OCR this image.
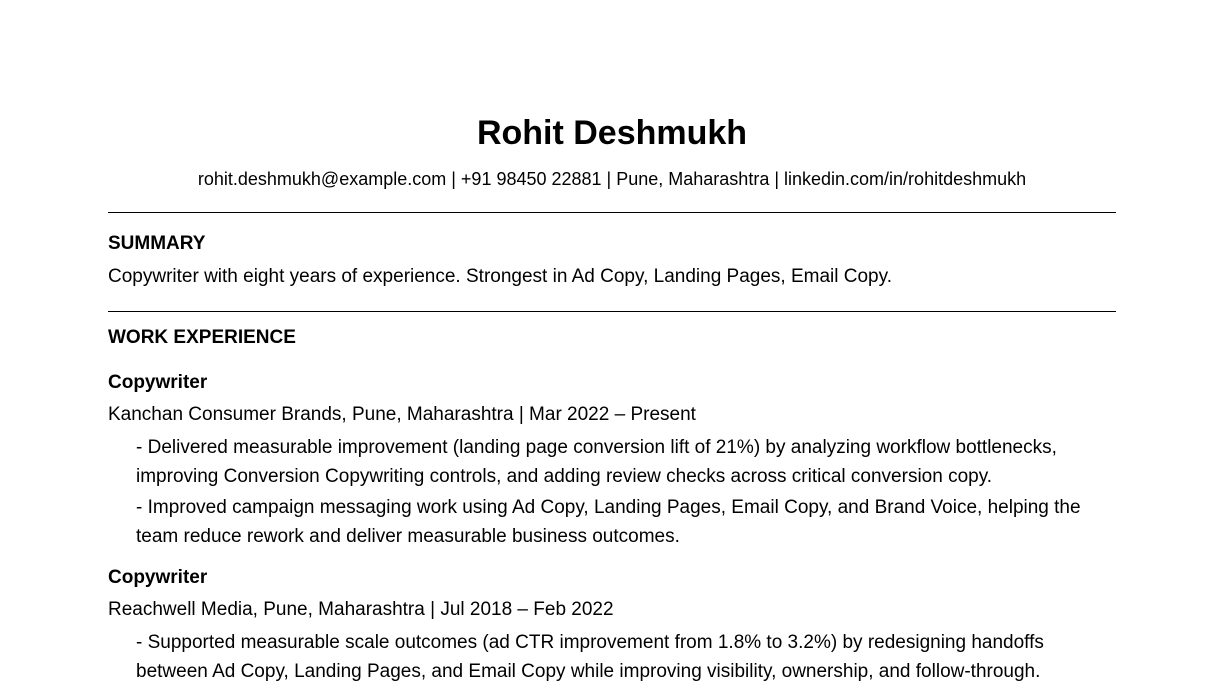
Rohit Deshmukh
rohit.deshmukh@example.com | +91 98450 22881 | Pune, Maharashtra | linkedin.com/in/rohitdeshmukh
SUMMARY
Copywriter with eight years of experience. Strongest in Ad Copy, Landing Pages, Email Copy.
WORK EXPERIENCE
Copywriter
Kanchan Consumer Brands, Pune, Maharashtra | Mar 2022 – Present
- Delivered measurable improvement (landing page conversion lift of 21%) by analyzing workflow bottlenecks, improving Conversion Copywriting controls, and adding review checks across critical conversion copy.
- Improved campaign messaging work using Ad Copy, Landing Pages, Email Copy, and Brand Voice, helping the team reduce rework and deliver measurable business outcomes.
Copywriter
Reachwell Media, Pune, Maharashtra | Jul 2018 – Feb 2022
- Supported measurable scale outcomes (ad CTR improvement from 1.8% to 3.2%) by redesigning handoffs between Ad Copy, Landing Pages, and Email Copy while improving visibility, ownership, and follow-through.
